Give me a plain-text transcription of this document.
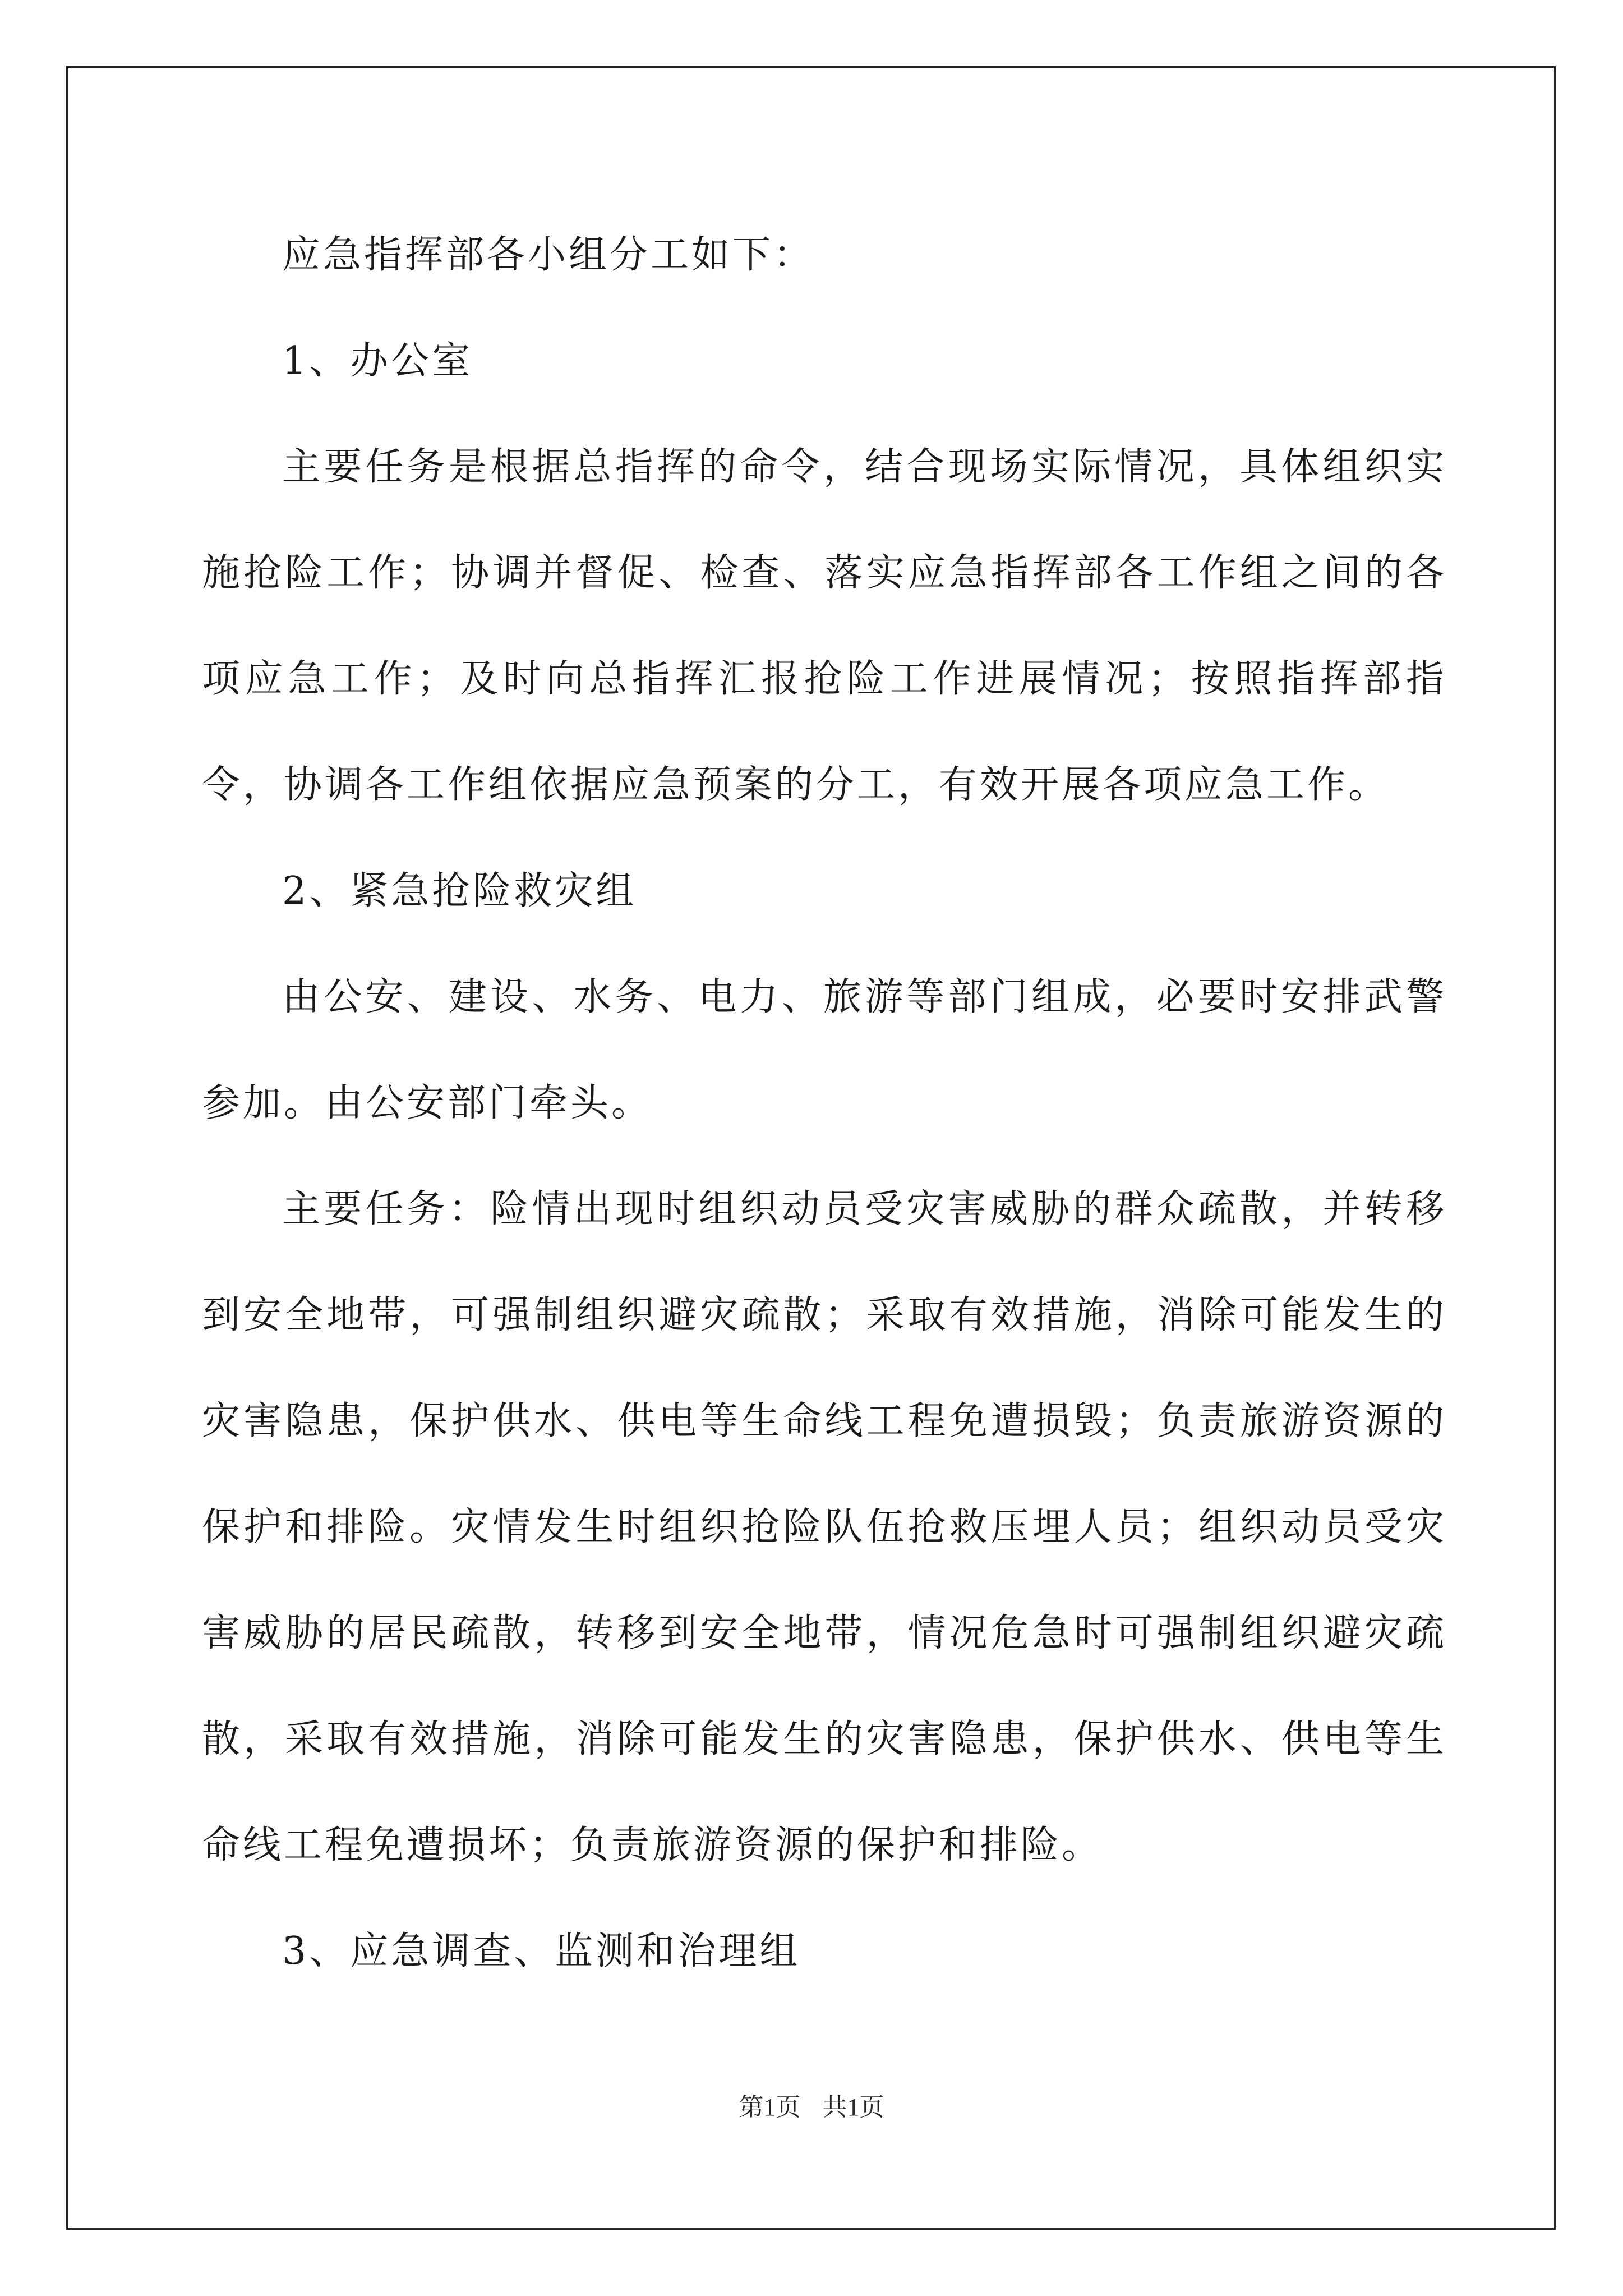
应急指挥部各小组分工如下：

1、办公室

主要任务是根据总指挥的命令，结合现场实际情况，具体组织实施抢险工作；协调并督促、检查、落实应急指挥部各工作组之间的各项应急工作；及时向总指挥汇报抢险工作进展情况；按照指挥部指令，协调各工作组依据应急预案的分工，有效开展各项应急工作。

2、紧急抢险救灾组

由公安、建设、水务、电力、旅游等部门组成，必要时安排武警参加。由公安部门牵头。

主要任务：险情出现时组织动员受灾害威胁的群众疏散，并转移到安全地带，可强制组织避灾疏散；采取有效措施，消除可能发生的灾害隐患，保护供水、供电等生命线工程免遭损毁；负责旅游资源的保护和排险。灾情发生时组织抢险队伍抢救压埋人员；组织动员受灾害威胁的居民疏散，转移到安全地带，情况危急时可强制组织避灾疏散，采取有效措施，消除可能发生的灾害隐患，保护供水、供电等生命线工程免遭损坏；负责旅游资源的保护和排险。

3、应急调查、监测和治理组

第1页 共1页
